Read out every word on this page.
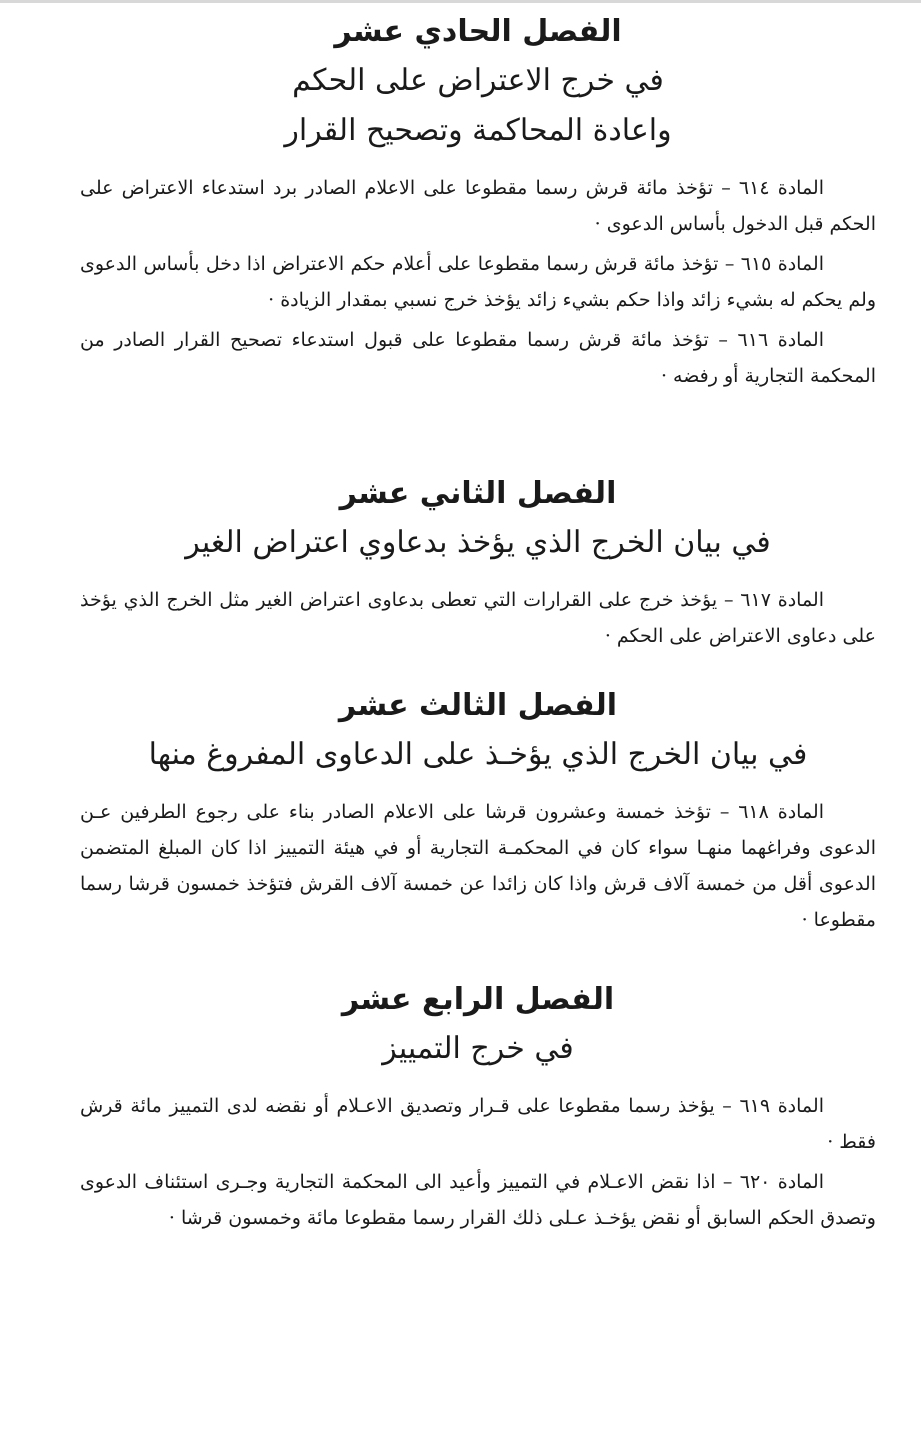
الفصل الحادي عشر

في خرج الاعتراض على الحكم

واعادة المحاكمة وتصحيح القرار

المادة ٦١٤ – تؤخذ مائة قرش رسما مقطوعا على الاعلام الصادر برد استدعاء الاعتراض على الحكم قبل الدخول بأساس الدعوى ·

المادة ٦١٥ – تؤخذ مائة قرش رسما مقطوعا على أعلام حكم الاعتراض اذا دخل بأساس الدعوى ولم يحكم له بشيء زائد واذا حكم بشيء زائد يؤخذ خرج نسبي بمقدار الزيادة ·

المادة ٦١٦ – تؤخذ مائة قرش رسما مقطوعا على قبول استدعاء تصحيح القرار الصادر من المحكمة التجارية أو رفضه ·

الفصل الثاني عشر

في بيان الخرج الذي يؤخذ بدعاوي اعتراض الغير

المادة ٦١٧ – يؤخذ خرج على القرارات التي تعطى بدعاوى اعتراض الغير مثل الخرج الذي يؤخذ على دعاوى الاعتراض على الحكم ·

الفصل الثالث عشر

في بيان الخرج الذي يؤخـذ على الدعاوى المفروغ منها

المادة ٦١٨ – تؤخذ خمسة وعشرون قرشا على الاعلام الصادر بناء على رجوع الطرفين عـن الدعوى وفراغهما منهـا سواء كان في المحكمـة التجارية أو في هيئة التمييز اذا كان المبلغ المتضمن الدعوى أقل من خمسة آلاف قرش واذا كان زائدا عن خمسة آلاف القرش فتؤخذ خمسون قرشا رسما مقطوعا ·

الفصل الرابع عشر

في خرج التمييز

المادة ٦١٩ – يؤخذ رسما مقطوعا على قـرار وتصديق الاعـلام أو نقضه لدى التمييز مائة قرش فقط ·

المادة ٦٢٠ – اذا نقض الاعـلام في التمييز وأعيد الى المحكمة التجارية وجـرى استئناف الدعوى وتصدق الحكم السابق أو نقض يؤخـذ عـلى ذلك القرار رسما مقطوعا مائة وخمسون قرشا ·
